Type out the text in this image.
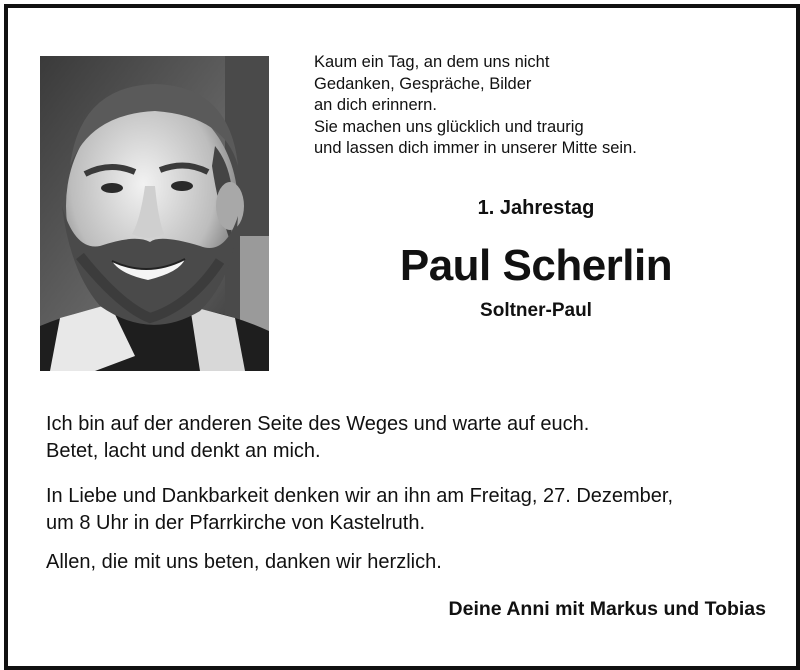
Kaum ein Tag, an dem uns nicht
Gedanken, Gespräche, Bilder
an dich erinnern.
Sie machen uns glücklich und traurig
und lassen dich immer in unserer Mitte sein.
1. Jahrestag
Paul Scherlin
Soltner-Paul

Ich bin auf der anderen Seite des Weges und warte auf euch.
Betet, lacht und denkt an mich.

In Liebe und Dankbarkeit denken wir an ihn am Freitag, 27. Dezember,
um 8 Uhr in der Pfarrkirche von Kastelruth.

Allen, die mit uns beten, danken wir herzlich.

Deine Anni mit Markus und Tobias
